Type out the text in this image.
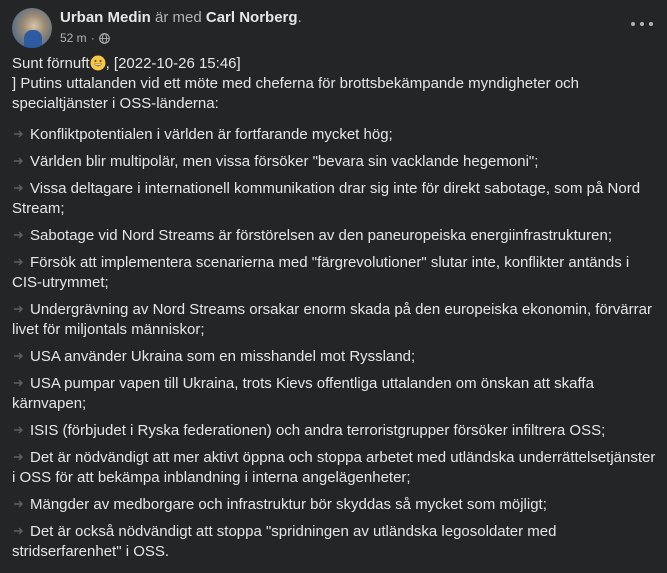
Urban Medin är med Carl Norberg.
52 m ·

Sunt förnuft , [2022-10-26 15:46]

] Putins uttalanden vid ett möte med cheferna för brottsbekämpande myndigheter och specialtjänster i OSS-länderna:

Konfliktpotentialen i världen är fortfarande mycket hög;

Världen blir multipolär, men vissa försöker "bevara sin vacklande hegemoni";

Vissa deltagare i internationell kommunikation drar sig inte för direkt sabotage, som på Nord Stream;

Sabotage vid Nord Streams är förstörelsen av den paneuropeiska energiinfrastrukturen;

Försök att implementera scenarierna med "färgrevolutioner" slutar inte, konflikter antänds i CIS-utrymmet;

Undergrävning av Nord Streams orsakar enorm skada på den europeiska ekonomin, förvärrar livet för miljontals människor;

USA använder Ukraina som en misshandel mot Ryssland;

USA pumpar vapen till Ukraina, trots Kievs offentliga uttalanden om önskan att skaffa kärnvapen;

ISIS (förbjudet i Ryska federationen) och andra terroristgrupper försöker infiltrera OSS;

Det är nödvändigt att mer aktivt öppna och stoppa arbetet med utländska underrättelsetjänster i OSS för att bekämpa inblandning i interna angelägenheter;

Mängder av medborgare och infrastruktur bör skyddas så mycket som möjligt;

Det är också nödvändigt att stoppa "spridningen av utländska legosoldater med stridserfarenhet" i OSS.
